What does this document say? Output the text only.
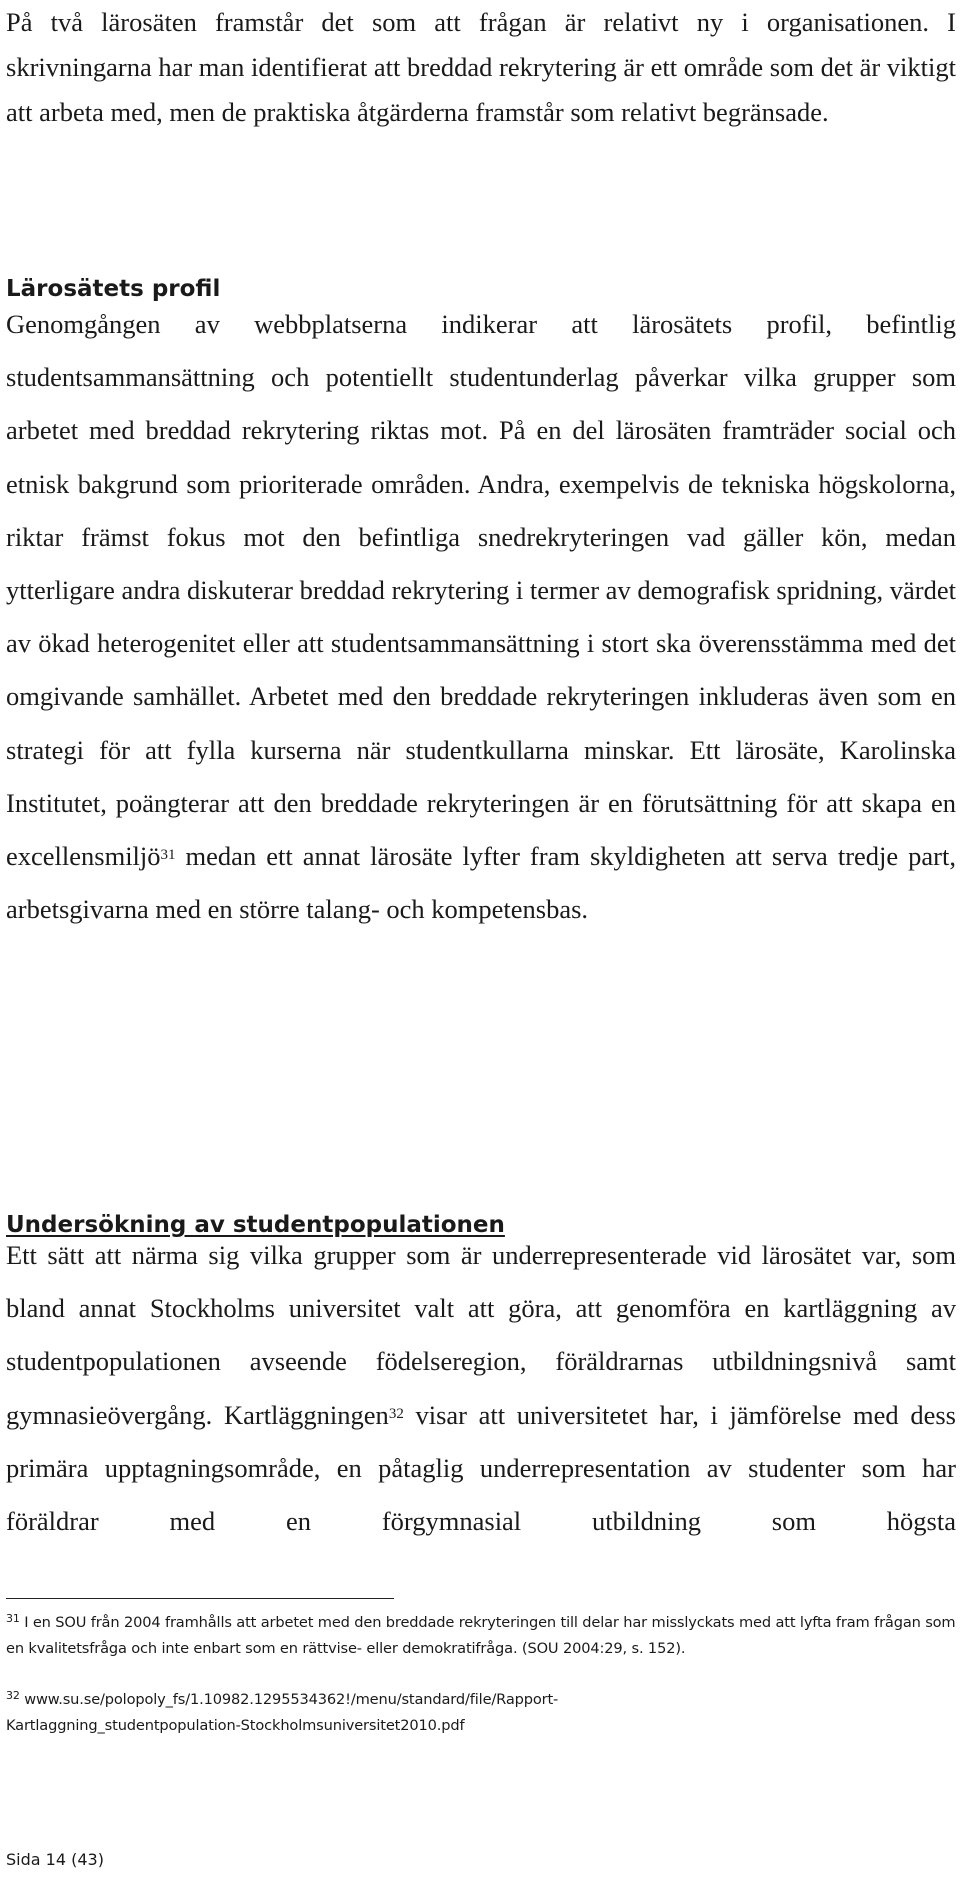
På två lärosäten framstår det som att frågan är relativt ny i organisationen. I skrivningarna har man identifierat att breddad rekrytering är ett område som det är viktigt att arbeta med, men de praktiska åtgärderna framstår som relativt begränsade.

Lärosätets profil

Genomgången av webbplatserna indikerar att lärosätets profil, befintlig studentsammansättning och potentiellt studentunderlag påverkar vilka grupper som arbetet med breddad rekrytering riktas mot. På en del lärosäten framträder social och etnisk bakgrund som prioriterade områden. Andra, exempelvis de tekniska högskolorna, riktar främst fokus mot den befintliga snedrekryteringen vad gäller kön, medan ytterligare andra diskuterar breddad rekrytering i termer av demografisk spridning, värdet av ökad heterogenitet eller att studentsammansättning i stort ska överensstämma med det omgivande samhället. Arbetet med den breddade rekryteringen inkluderas även som en strategi för att fylla kurserna när studentkullarna minskar. Ett lärosäte, Karolinska Institutet, poängterar att den breddade rekryteringen är en förutsättning för att skapa en excellensmiljö$^{31}$ medan ett annat lärosäte lyfter fram skyldigheten att serva tredje part, arbetsgivarna med en större talang- och kompetensbas.

Undersökning av studentpopulationen

Ett sätt att närma sig vilka grupper som är underrepresenterade vid lärosätet var, som bland annat Stockholms universitet valt att göra, att genomföra en kartläggning av studentpopulationen avseende födelseregion, föräldrarnas utbildningsnivå samt gymnasieövergång. Kartläggningen$^{32}$ visar att universitetet har, i jämförelse med dess primära upptagningsområde, en påtaglig underrepresentation av studenter som har föräldrar med en förgymnasial utbildning som högsta

$^{31}$ I en SOU från 2004 framhålls att arbetet med den breddade rekryteringen till delar har misslyckats med att lyfta fram frågan som en kvalitetsfråga och inte enbart som en rättvise- eller demokratifråga. (SOU 2004:29, s. 152).

$^{32}$ www.su.se/polopoly_fs/1.10982.1295534362!/menu/standard/file/Rapport-
Kartlaggning_studentpopulation-Stockholmsuniversitet2010.pdf

Sida 14 (43)
